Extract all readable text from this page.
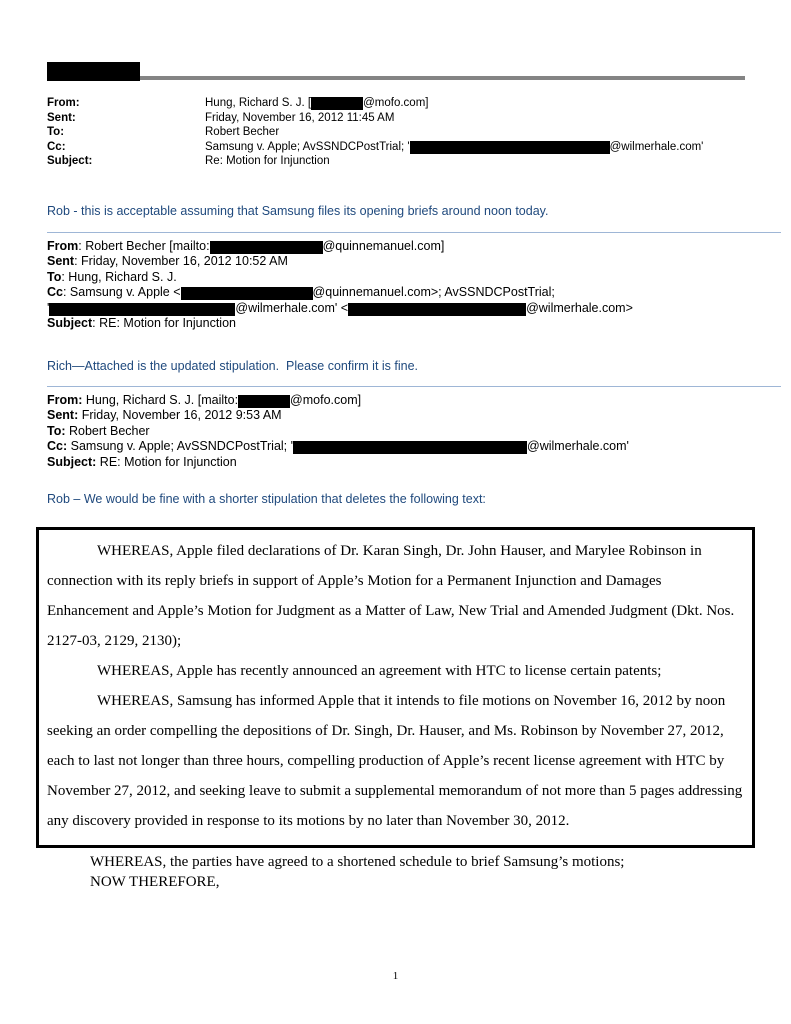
From:	Hung, Richard S. J. [	@mofo.com]
Sent:	Friday, November 16, 2012 11:45 AM
To:	Robert Becher
Cc:	Samsung v. Apple; AvSSNDCPostTrial; '	@wilmerhale.com'
Subject:	Re: Motion for Injunction
Rob - this is acceptable assuming that Samsung files its opening briefs around noon today.
From: Robert Becher [mailto:	@quinnemanuel.com]
Sent: Friday, November 16, 2012 10:52 AM
To: Hung, Richard S. J.
Cc: Samsung v. Apple <	@quinnemanuel.com>; AvSSNDCPostTrial;
'	@wilmerhale.com' <	@wilmerhale.com>
Subject: RE: Motion for Injunction
Rich—Attached is the updated stipulation.  Please confirm it is fine.
From: Hung, Richard S. J. [mailto:	@mofo.com]
Sent: Friday, November 16, 2012 9:53 AM
To: Robert Becher
Cc: Samsung v. Apple; AvSSNDCPostTrial; '	@wilmerhale.com'
Subject: RE: Motion for Injunction
Rob – We would be fine with a shorter stipulation that deletes the following text:

WHEREAS, Apple filed declarations of Dr. Karan Singh, Dr. John Hauser, and Marylee Robinson in connection with its reply briefs in support of Apple’s Motion for a Permanent Injunction and Damages Enhancement and Apple’s Motion for Judgment as a Matter of Law, New Trial and Amended Judgment (Dkt. Nos. 2127-03, 2129, 2130);

WHEREAS, Apple has recently announced an agreement with HTC to license certain patents;

WHEREAS, Samsung has informed Apple that it intends to file motions on November 16, 2012 by noon seeking an order compelling the depositions of Dr. Singh, Dr. Hauser, and Ms. Robinson by November 27, 2012, each to last not longer than three hours, compelling production of Apple’s recent license agreement with HTC by November 27, 2012, and seeking leave to submit a supplemental memorandum of not more than 5 pages addressing any discovery provided in response to its motions by no later than November 30, 2012.

WHEREAS, the parties have agreed to a shortened schedule to brief Samsung’s motions;
NOW THEREFORE,
1
